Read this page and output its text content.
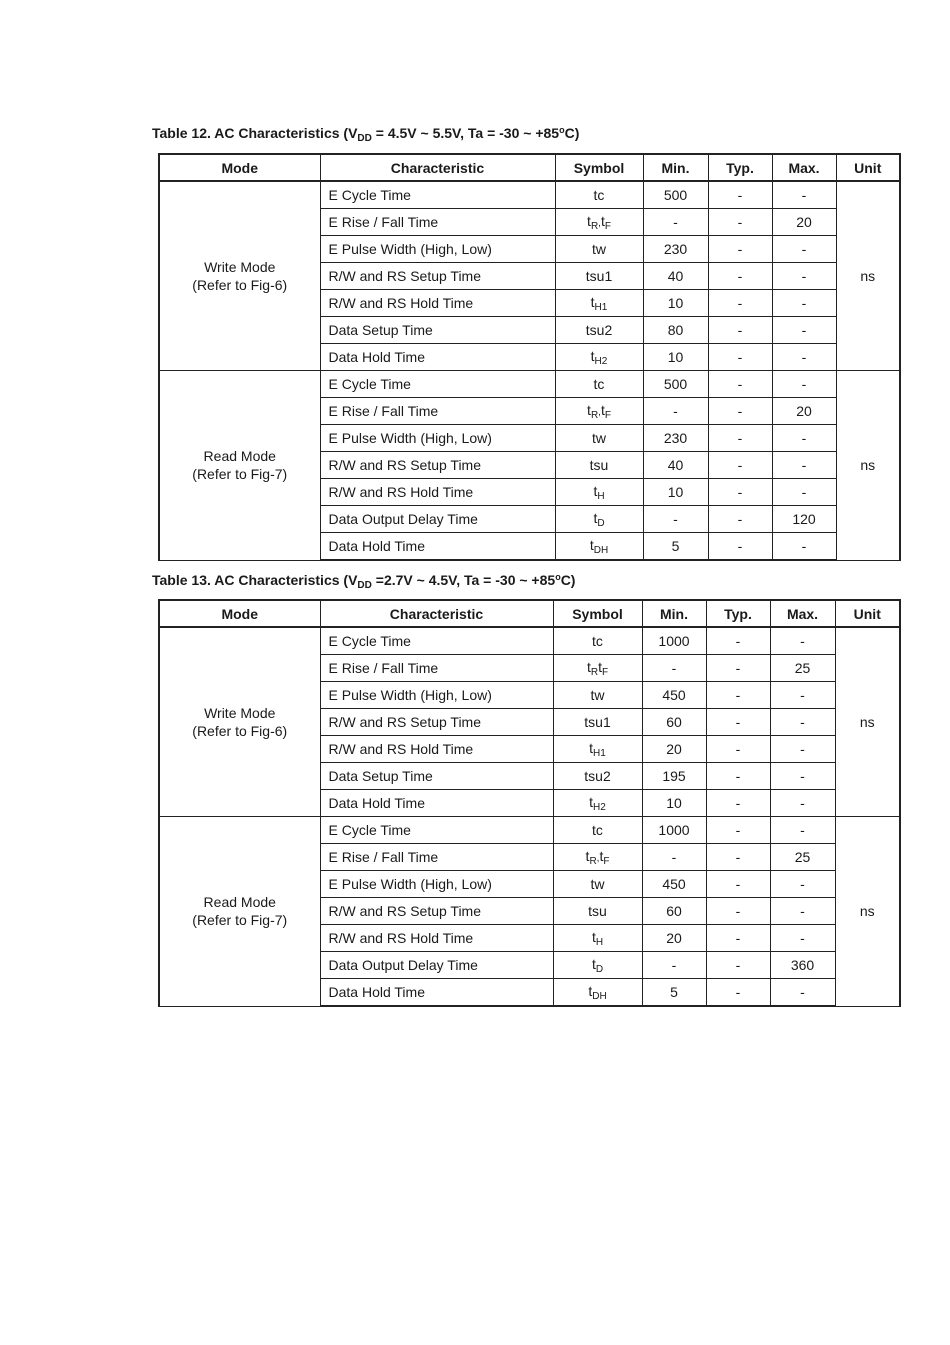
Table 12. AC Characteristics ($V_{DD} = 4.5V$ ~ 5.5V, Ta = -30 ~ $+85^oC$)
Mode	Characteristic	Symbol	Min.	Typ.	Max.	Unit

Write Mode
(Refer to Fig-6)	E Cycle Time	tc	500	-	-	ns
	E Rise / Fall Time	$t_R,t_F$	-	-	20	
	E Pulse Width (High, Low)	tw	230	-	-	
	R/W and RS Setup Time	tsu1	40	-	-	
	R/W and RS Hold Time	$t_{H1}$	10	-	-	
	Data Setup Time	tsu2	80	-	-	
	Data Hold Time	$t_{H2}$	10	-	-	

Read Mode
(Refer to Fig-7)	E Cycle Time	tc	500	-	-	ns
	E Rise / Fall Time	$t_R,t_F$	-	-	20	
	E Pulse Width (High, Low)	tw	230	-	-	
	R/W and RS Setup Time	tsu	40	-	-	
	R/W and RS Hold Time	$t_H$	10	-	-	
	Data Output Delay Time	$t_D$	-	-	120	
	Data Hold Time	$t_{DH}$	5	-	-	
Table 13. AC Characteristics ($V_{DD} =2.7V$ ~ 4.5V, Ta = -30 ~ $+85^oC$)
Mode	Characteristic	Symbol	Min.	Typ.	Max.	Unit

Write Mode
(Refer to Fig-6)	E Cycle Time	tc	1000	-	-	ns
	E Rise / Fall Time	$t_Rt_F$	-	-	25	
	E Pulse Width (High, Low)	tw	450	-	-	
	R/W and RS Setup Time	tsu1	60	-	-	
	R/W and RS Hold Time	$t_{H1}$	20	-	-	
	Data Setup Time	tsu2	195	-	-	
	Data Hold Time	$t_{H2}$	10	-	-	

Read Mode
(Refer to Fig-7)	E Cycle Time	tc	1000	-	-	ns
	E Rise / Fall Time	$t_R,t_F$	-	-	25	
	E Pulse Width (High, Low)	tw	450	-	-	
	R/W and RS Setup Time	tsu	60	-	-	
	R/W and RS Hold Time	$t_H$	20	-	-	
	Data Output Delay Time	$t_D$	-	-	360	
	Data Hold Time	$t_{DH}$	5	-	-	
